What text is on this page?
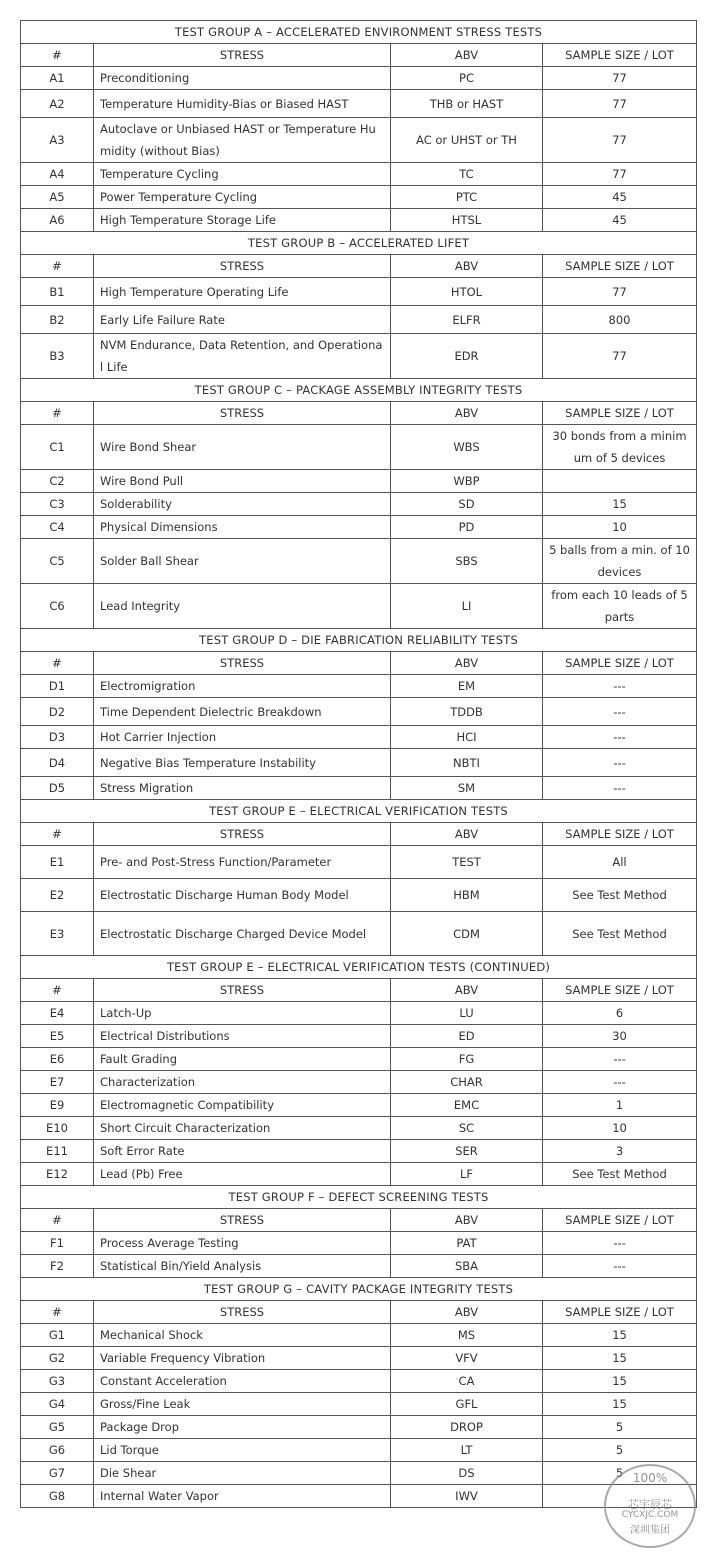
TEST GROUP A – ACCELERATED ENVIRONMENT STRESS TESTS			
#	STRESS	ABV	SAMPLE SIZE / LOT
A1	Preconditioning	PC	77
A2	Temperature Humidity-Bias or Biased HAST	THB or HAST	77
A3	Autoclave or Unbiased HAST or Temperature Humidity (without Bias)	AC or UHST or TH	77
A4	Temperature Cycling	TC	77
A5	Power Temperature Cycling	PTC	45
A6	High Temperature Storage Life	HTSL	45
TEST GROUP B – ACCELERATED LIFET			
#	STRESS	ABV	SAMPLE SIZE / LOT
B1	High Temperature Operating Life	HTOL	77
B2	Early Life Failure Rate	ELFR	800
B3	NVM Endurance, Data Retention, and Operational Life	EDR	77
TEST GROUP C – PACKAGE ASSEMBLY INTEGRITY TESTS			
#	STRESS	ABV	SAMPLE SIZE / LOT
C1	Wire Bond Shear	WBS	30 bonds from a minimum of 5 devices
C2	Wire Bond Pull	WBP	
C3	Solderability	SD	15
C4	Physical Dimensions	PD	10
C5	Solder Ball Shear	SBS	5 balls from a min. of 10 devices
C6	Lead Integrity	LI	from each 10 leads of 5 parts
TEST GROUP D – DIE FABRICATION RELIABILITY TESTS			
#	STRESS	ABV	SAMPLE SIZE / LOT
D1	Electromigration	EM	---
D2	Time Dependent Dielectric Breakdown	TDDB	---
D3	Hot Carrier Injection	HCI	---
D4	Negative Bias Temperature Instability	NBTI	---
D5	Stress Migration	SM	---
TEST GROUP E – ELECTRICAL VERIFICATION TESTS			
#	STRESS	ABV	SAMPLE SIZE / LOT
E1	Pre- and Post-Stress Function/Parameter	TEST	All
E2	Electrostatic Discharge Human Body Model	HBM	See Test Method
E3	Electrostatic Discharge Charged Device Model	CDM	See Test Method
TEST GROUP E – ELECTRICAL VERIFICATION TESTS (CONTINUED)			
#	STRESS	ABV	SAMPLE SIZE / LOT
E4	Latch-Up	LU	6
E5	Electrical Distributions	ED	30
E6	Fault Grading	FG	---
E7	Characterization	CHAR	---
E9	Electromagnetic Compatibility	EMC	1
E10	Short Circuit Characterization	SC	10
E11	Soft Error Rate	SER	3
E12	Lead (Pb) Free	LF	See Test Method
TEST GROUP F – DEFECT SCREENING TESTS			
#	STRESS	ABV	SAMPLE SIZE / LOT
F1	Process Average Testing	PAT	---
F2	Statistical Bin/Yield Analysis	SBA	---
TEST GROUP G – CAVITY PACKAGE INTEGRITY TESTS			
#	STRESS	ABV	SAMPLE SIZE / LOT
G1	Mechanical Shock	MS	15
G2	Variable Frequency Vibration	VFV	15
G3	Constant Acceleration	CA	15
G4	Gross/Fine Leak	GFL	15
G5	Package Drop	DROP	5
G6	Lid Torque	LT	5
G7	Die Shear	DS	5
G8	Internal Water Vapor	IWV	
100%
芯宇辰芯
CYCXJC.COM
深圳集团
